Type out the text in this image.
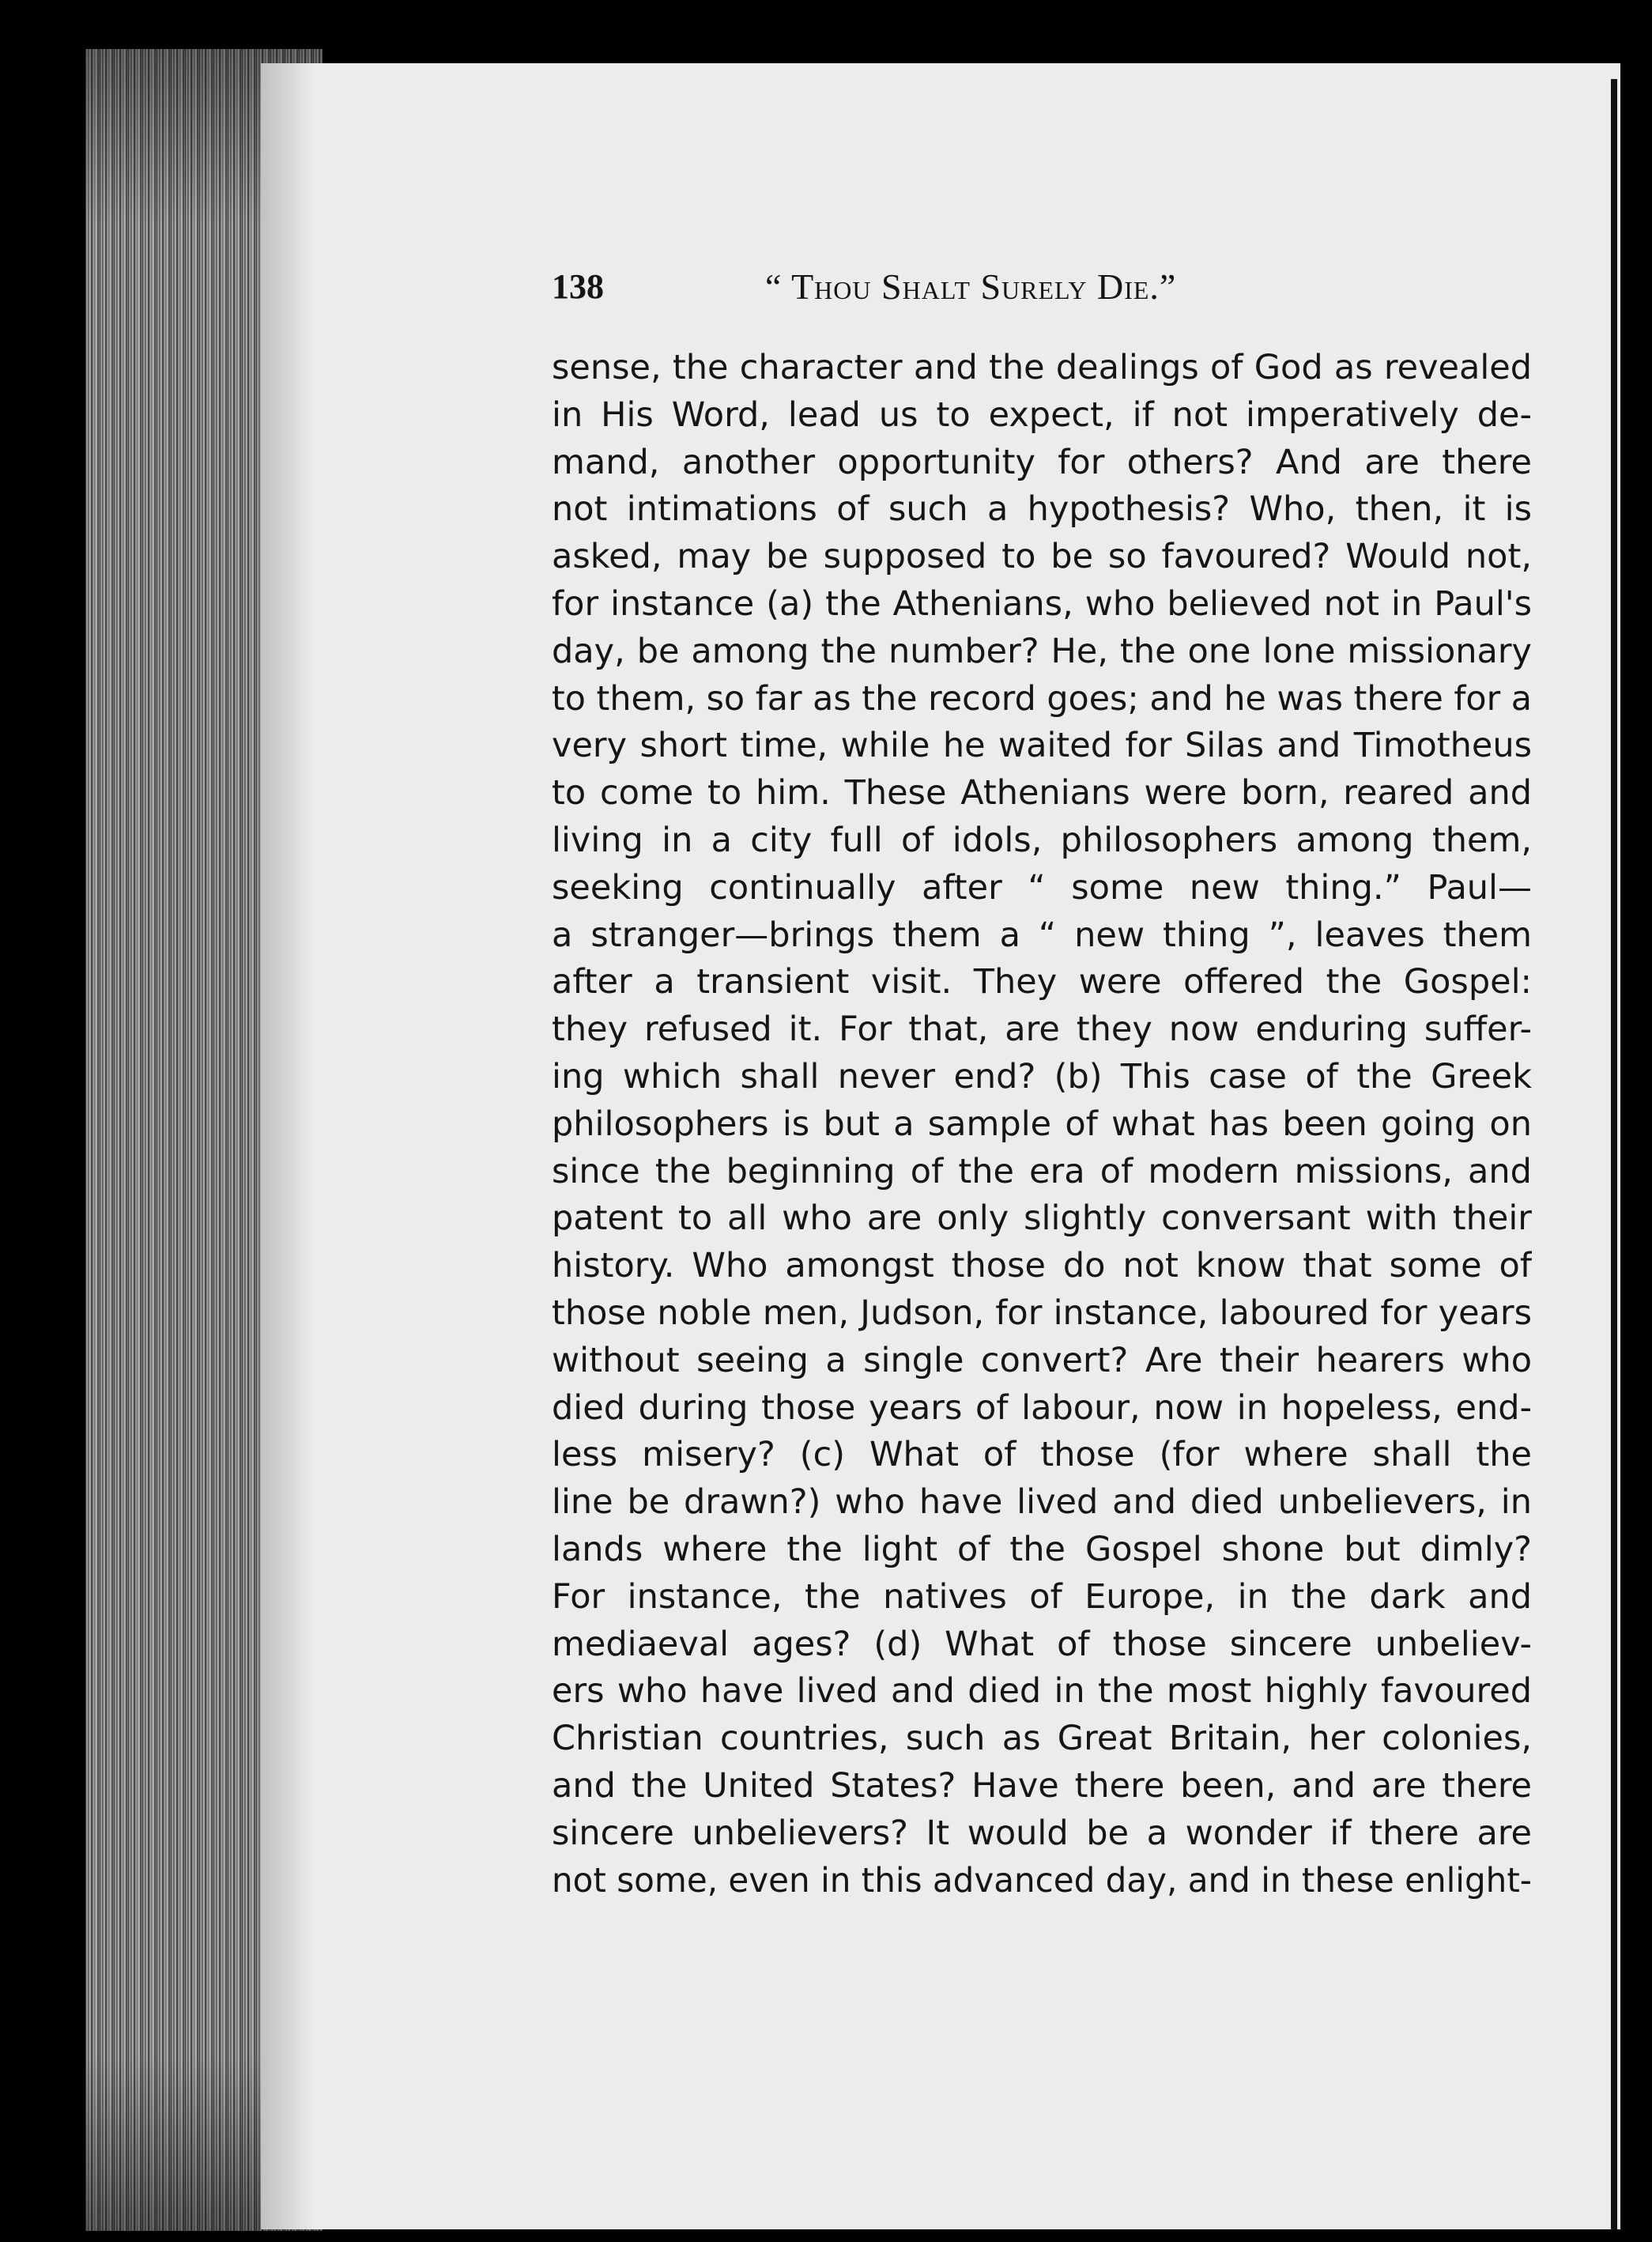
138	“ Thou Shalt Surely Die.”
sense, the character and the dealings of God as revealed
in His Word, lead us to expect, if not imperatively de-
mand, another opportunity for others? And are there
not intimations of such a hypothesis? Who, then, it is
asked, may be supposed to be so favoured? Would not,
for instance (a) the Athenians, who believed not in Paul's
day, be among the number? He, the one lone missionary
to them, so far as the record goes; and he was there for a
very short time, while he waited for Silas and Timotheus
to come to him. These Athenians were born, reared and
living in a city full of idols, philosophers among them,
seeking continually after “ some new thing.” Paul—
a stranger—brings them a “ new thing ”, leaves them
after a transient visit. They were offered the Gospel:
they refused it. For that, are they now enduring suffer-
ing which shall never end? (b) This case of the Greek
philosophers is but a sample of what has been going on
since the beginning of the era of modern missions, and
patent to all who are only slightly conversant with their
history. Who amongst those do not know that some of
those noble men, Judson, for instance, laboured for years
without seeing a single convert? Are their hearers who
died during those years of labour, now in hopeless, end-
less misery? (c) What of those (for where shall the
line be drawn?) who have lived and died unbelievers, in
lands where the light of the Gospel shone but dimly?
For instance, the natives of Europe, in the dark and
mediaeval ages? (d) What of those sincere unbeliev-
ers who have lived and died in the most highly favoured
Christian countries, such as Great Britain, her colonies,
and the United States? Have there been, and are there
sincere unbelievers? It would be a wonder if there are
not some, even in this advanced day, and in these enlight-
